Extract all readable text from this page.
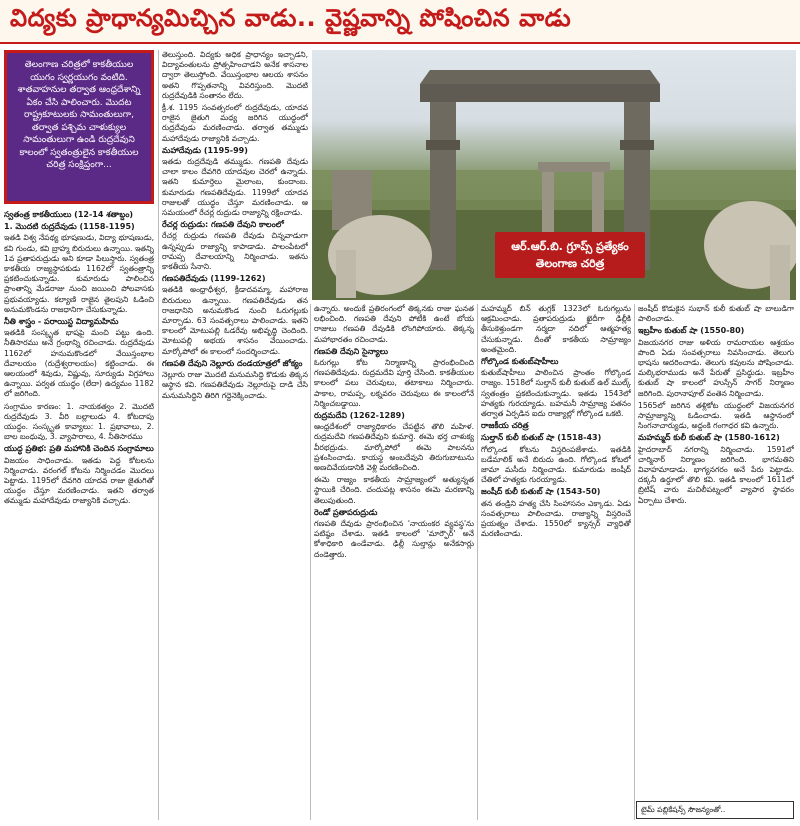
విద్యకు ప్రాధాన్యమిచ్చిన వాడు.. వైష్ణవాన్ని పోషించిన వాడు
తెలంగాణ చరిత్రలో కాకతీయుల యుగం స్వర్ణయుగం వంటిది. శాతవాహనుల తర్వాత ఆంధ్రదేశాన్ని ఏకం చేసి పాలించారు. మొదట రాష్ట్రకూటులకు సామంతులుగా, తర్వాత పశ్చిమ చాళుక్యుల సామంతులుగా ఉండి రుద్రదేవుని కాలంలో స్వతంత్రులైన కాకతీయుల చరిత్ర సంక్షిప్తంగా...
ఆర్.ఆర్.బి. గ్రూప్స్ ప్రత్యేకం
తెలంగాణ చరిత్ర
స్వతంత్ర కాకతీయులు (12-14 శతాబ్దం)
1. మొదటి రుద్రదేవుడు (1158-1195)

ఇతడి విశ్వ నేపథ్య భూషణుడు, విద్యా భూషణుడు, కవి గుండు, కవి బ్రాహ్మ బిరుదులు ఉన్నాయి. ఇతన్ని 1వ ప్రతాపరుద్రుడు అని కూడా పిలుస్తారు. స్వతంత్ర కాకతీయ రాజ్యస్థాపకుడు 1162లో స్వతంత్రాన్ని ప్రకటించుకున్నాడు. కుమారుడు పాలించిన ప్రాంతాన్ని మేడరాజు నుంచి జయించి పోలవాసకు ప్రభువయ్యాడు. కల్యాణి రాజైన తైలపుని ఓడించి అనుమకొండను రాజధానిగా చేసుకున్నాడు.

నీతి శాస్త్రం - పరాయిస్ట విద్యామహిమ

ఇతడికి సంస్కృత భాషపై మంచి పట్టు ఉంది. నీతిసారము అనే గ్రంథాన్ని రచించాడు. రుద్రదేవుడు 1162లో హనుమకొండలో వేయిస్తంభాల దేవాలయం (రుద్రేశ్వరాలయం) కట్టించాడు. ఈ ఆలయంలో శివుడు, విష్ణువు, సూర్యుడు విగ్రహాలు ఉన్నాయి. పర్వత యుద్ధం (లేదా) ఉద్యమం 1182 లో జరిగింది.

సంగ్రామం కారణం: 1. నాయకత్వం 2. మొదటి రుద్రదేవుడు 3. వీరి బల్లాలుడు 4. కోటదాపు యుద్ధం. సంస్కృత కావ్యాలు: 1. ప్రభావాలు, 2. బాల బంధువు, 3. వ్యాపారాలు, 4. నీతిసారము

యుద్ధ ప్రతిభ: ప్రతి మహానికి చెందిన సంగ్రామాలు

విజయం సాధించాడు. ఇతడు పెద్ద కోటలను నిర్మించాడు. వరంగల్ కోటను నిర్మించడం మొదలు పెట్టాడు. 1195లో దేవగిరి యాదవ రాజు జైతుగితో యుద్ధం చేస్తూ మరణించాడు. ఇతని తర్వాత తమ్ముడు మహాదేవుడు రాజ్యానికి వచ్చాడు.

తెలుస్తుంది. విద్యకు అధిక ప్రాధాన్యం ఇచ్చాడని, విద్యావంతులను ప్రోత్సహించాడని అనేక శాసనాల ద్వారా తెలుస్తోంది. వేయిస్తంభాల ఆలయ శాసనం అతని గొప్పతనాన్ని వివరిస్తుంది. మొదటి రుద్రదేవుడికి సంతానం లేదు.

క్రీ.శ. 1195 సంవత్సరంలో రుద్రదేవుడు, యాదవ రాజైన జైతుగి మధ్య జరిగిన యుద్ధంలో రుద్రదేవుడు మరణించాడు. తర్వాత తమ్ముడు మహాదేవుడు రాజ్యానికి వచ్చాడు.

మహాదేవుడు (1195-99)

ఇతడు రుద్రదేవుడి తమ్ముడు. గణపతి దేవుడు చాలా కాలం దేవగిరి యాదవుల చెరలో ఉన్నాడు. ఇతని కుమార్తెలు మైలాంబ, కుందాంబ. కుమారుడు గణపతిదేవుడు. 1199లో యాదవ రాజులతో యుద్ధం చేస్తూ మరణించాడు. ఆ సమయంలో రేచర్ల రుద్రుడు రాజ్యాన్ని రక్షించాడు.

రేచర్ల రుద్రుడు: గణపతి దేవుని కాలంలో

రేచర్ల రుద్రుడు గణపతి దేవుడు చిన్నవాడుగా ఉన్నప్పుడు రాజ్యాన్ని కాపాడాడు. పాలంపేటలో రామప్ప దేవాలయాన్ని నిర్మించాడు. ఇతను కాకతీయ సేనాని.

గణపతిదేవుడు (1199-1262)

ఇతడికి అంధ్రాధీశ్వర, క్రీడాదవమ్మా, మహారాజ బిరుదులు ఉన్నాయి. గణపతిదేవుడు తన రాజధానిని అనుమకొండ నుంచి ఓరుగల్లుకు మార్చాడు. 63 సంవత్సరాలు పాలించాడు. ఇతని కాలంలో మోటుపల్లి ఓడరేవు అభివృద్ధి చెందింది. మోటుపల్లి అభయ శాసనం వేయించాడు. మార్కోపోలో ఈ కాలంలో సందర్శించాడు.

గణపతి దేవుని నెల్లూరు దండయాత్రలో జోక్యం

నెల్లూరు రాజు మొదటి మనుమసిద్ధి కొడుకు తిక్కన ఆస్థాన కవి. గణపతిదేవుడు నెల్లూరుపై దాడి చేసి మనుమసిద్ధిని తిరిగి గద్దెనెక్కించాడు.

ఉన్నారు. అందుకే ప్రతిరంగంలో తిక్కనకు రాజు ఘనత లభించింది. గణపతి దేవుని పోటీకి ఉంటే బోయ రాజులు గణపతి దేవుడికి లొంగిపోయారు. తిక్కన్న మహాభారతం రచించాడు.

గణపతి దేవుని సైన్యాలు

ఓరుగల్లు కోట నిర్మాణాన్ని ప్రారంభించింది గణపతిదేవుడు. రుద్రమదేవి పూర్తి చేసింది. కాకతీయుల కాలంలో పలు చెరువులు, తటాకాలు నిర్మించారు. పాకాల, రామప్ప, లక్నవరం చెరువులు ఈ కాలంలోనే నిర్మించబడ్డాయి.

రుద్రమదేవి (1262-1289)

ఆంధ్రదేశంలో రాజ్యాధికారం చేపట్టిన తొలి మహిళ. రుద్రమదేవి గణపతిదేవుని కుమార్తె. ఈమె భర్త చాళుక్య వీరభద్రుడు. మార్కోపోలో ఈమె పాలనను ప్రశంసించాడు. కాయస్థ అంబదేవుని తిరుగుబాటును అణచివేయడానికి వెళ్లి మరణించింది.

ఈమె రాజ్యం కాకతీయ సామ్రాజ్యంలో అత్యున్నత స్థాయికి చేరింది. చందుపట్ల శాసనం ఈమె మరణాన్ని తెలుపుతుంది.

రెండో ప్రతాపరుద్రుడు

గణపతి దేవుడు ప్రారంభించిన 'నాయంకర వ్యవస్థ'ను పటిష్ఠం చేశాడు. ఇతడి కాలంలో 'మార్ఫౌర్' అనే కోశాధికారి ఉండేవాడు. ఢిల్లీ సుల్తాన్లు అనేకసార్లు దండెత్తారు.

మహమ్మద్ బిన్ తుగ్లక్ 1323లో ఓరుగల్లును ఆక్రమించాడు. ప్రతాపరుద్రుడు ఖైదీగా ఢిల్లీకి తీసుకెళ్తుండగా నర్మదా నదిలో ఆత్మహత్య చేసుకున్నాడు. దీంతో కాకతీయ సామ్రాజ్యం అంతమైంది.

గోల్కొండ కుతుబ్‌షాహీలు

కుతుబ్‌షాహీలు పాలించిన ప్రాంతం గోల్కొండ రాజ్యం. 1518లో సుల్తాన్ కులీ కుతుబ్ ఉల్ ముల్క్ స్వతంత్రం ప్రకటించుకున్నాడు. ఇతడు 1543లో హత్యకు గురయ్యాడు. బహమనీ సామ్రాజ్య పతనం తర్వాత ఏర్పడిన ఐదు రాజ్యాల్లో గోల్కొండ ఒకటి.

రాజకీయ చరిత్ర
సుల్తాన్ కులీ కుతుబ్ షా (1518-43)

గోల్కొండ కోటను విస్తరింపజేశాడు. ఇతడికి బడేమాలిక్ అనే బిరుదు ఉంది. గోల్కొండ కోటలో జామా మసీదు నిర్మించాడు. కుమారుడు జంషీద్ చేతిలో హత్యకు గురయ్యాడు.

జంషీద్ కులీ కుతుబ్ షా (1543-50)

తన తండ్రిని హత్య చేసి సింహాసనం ఎక్కాడు. ఏడు సంవత్సరాలు పాలించాడు. రాజ్యాన్ని విస్తరించే ప్రయత్నం చేశాడు. 1550లో క్యాన్సర్ వ్యాధితో మరణించాడు.

జంషీద్ కొడుకైన సుభాన్ కులీ కుతుబ్ షా బాలుడిగా పాలించాడు.

ఇబ్రహీం కుతుబ్ షా (1550-80)

విజయనగర రాజు అళియ రామరాయల ఆశ్రయం పొంది ఏడు సంవత్సరాలు నివసించాడు. తెలుగు భాషను ఆదరించాడు. తెలుగు కవులను పోషించాడు. మల్కిభరాముడు అనే పేరుతో ప్రసిద్ధుడు. ఇబ్రహీం కుతుబ్ షా కాలంలో హుస్సేన్ సాగర్ నిర్మాణం జరిగింది. పురానాపూల్ వంతెన నిర్మించాడు.

1565లో జరిగిన తళ్లికోట యుద్ధంలో విజయనగర సామ్రాజ్యాన్ని ఓడించాడు. ఇతడి ఆస్థానంలో సింగనాచార్యుడు, అద్దంకి గంగాధర కవి ఉన్నారు.

మహమ్మద్ కులీ కుతుబ్ షా (1580-1612)

హైదరాబాద్ నగరాన్ని నిర్మించాడు. 1591లో చార్మినార్ నిర్మాణం జరిగింది. భాగమతిని వివాహమాడాడు. భాగ్యనగరం అనే పేరు పెట్టాడు. దక్కనీ ఉర్దూలో తొలి కవి. ఇతడి కాలంలో 1611లో బ్రిటిష్ వారు మచిలీపట్నంలో వ్యాపార స్థావరం ఏర్పాటు చేశారు.

టైమ్ పబ్లికేషన్స్ సౌజన్యంతో..
